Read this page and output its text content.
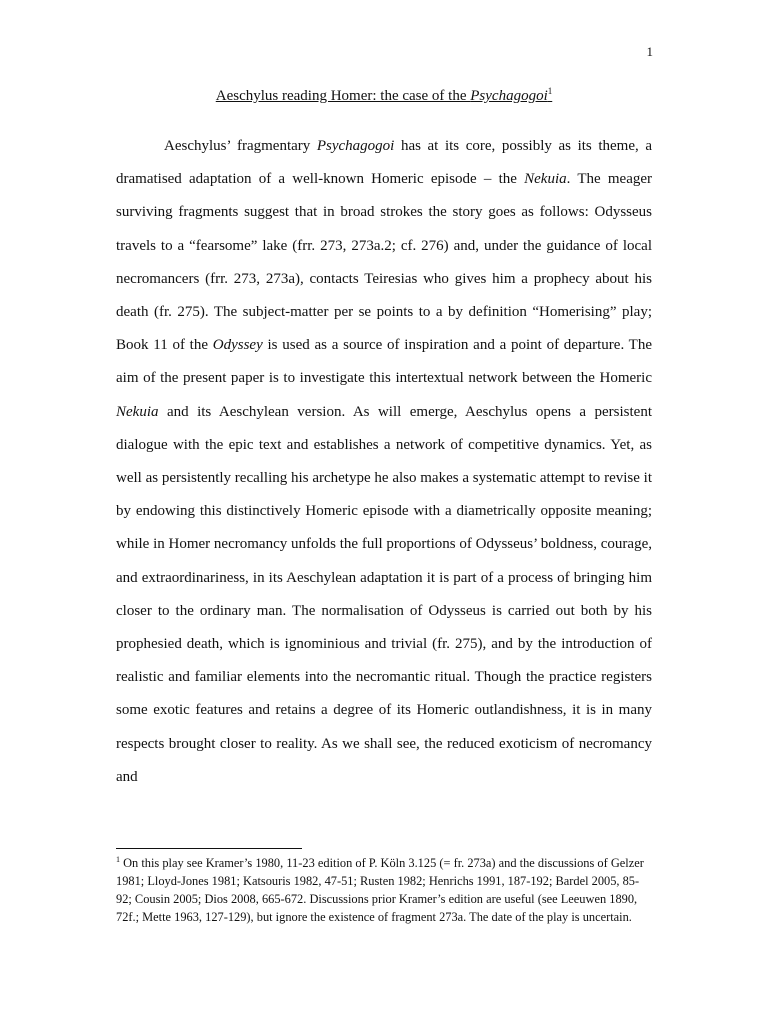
1
Aeschylus reading Homer: the case of the Psychagogoi$^1$

Aeschylus’ fragmentary Psychagogoi has at its core, possibly as its theme, a dramatised adaptation of a well-known Homeric episode – the Nekuia. The meager surviving fragments suggest that in broad strokes the story goes as follows: Odysseus travels to a “fearsome” lake (frr. 273, 273a.2; cf. 276) and, under the guidance of local necromancers (frr. 273, 273a), contacts Teiresias who gives him a prophecy about his death (fr. 275). The subject-matter per se points to a by definition “Homerising” play; Book 11 of the Odyssey is used as a source of inspiration and a point of departure. The aim of the present paper is to investigate this intertextual network between the Homeric Nekuia and its Aeschylean version. As will emerge, Aeschylus opens a persistent dialogue with the epic text and establishes a network of competitive dynamics. Yet, as well as persistently recalling his archetype he also makes a systematic attempt to revise it by endowing this distinctively Homeric episode with a diametrically opposite meaning; while in Homer necromancy unfolds the full proportions of Odysseus’ boldness, courage, and extraordinariness, in its Aeschylean adaptation it is part of a process of bringing him closer to the ordinary man. The normalisation of Odysseus is carried out both by his prophesied death, which is ignominious and trivial (fr. 275), and by the introduction of realistic and familiar elements into the necromantic ritual. Though the practice registers some exotic features and retains a degree of its Homeric outlandishness, it is in many respects brought closer to reality. As we shall see, the reduced exoticism of necromancy and

$^1$ On this play see Kramer’s 1980, 11-23 edition of P. Köln 3.125 (= fr. 273a) and the discussions of Gelzer 1981; Lloyd-Jones 1981; Katsouris 1982, 47-51; Rusten 1982; Henrichs 1991, 187-192; Bardel 2005, 85-92; Cousin 2005; Dios 2008, 665-672. Discussions prior Kramer’s edition are useful (see Leeuwen 1890, 72f.; Mette 1963, 127-129), but ignore the existence of fragment 273a. The date of the play is uncertain.
